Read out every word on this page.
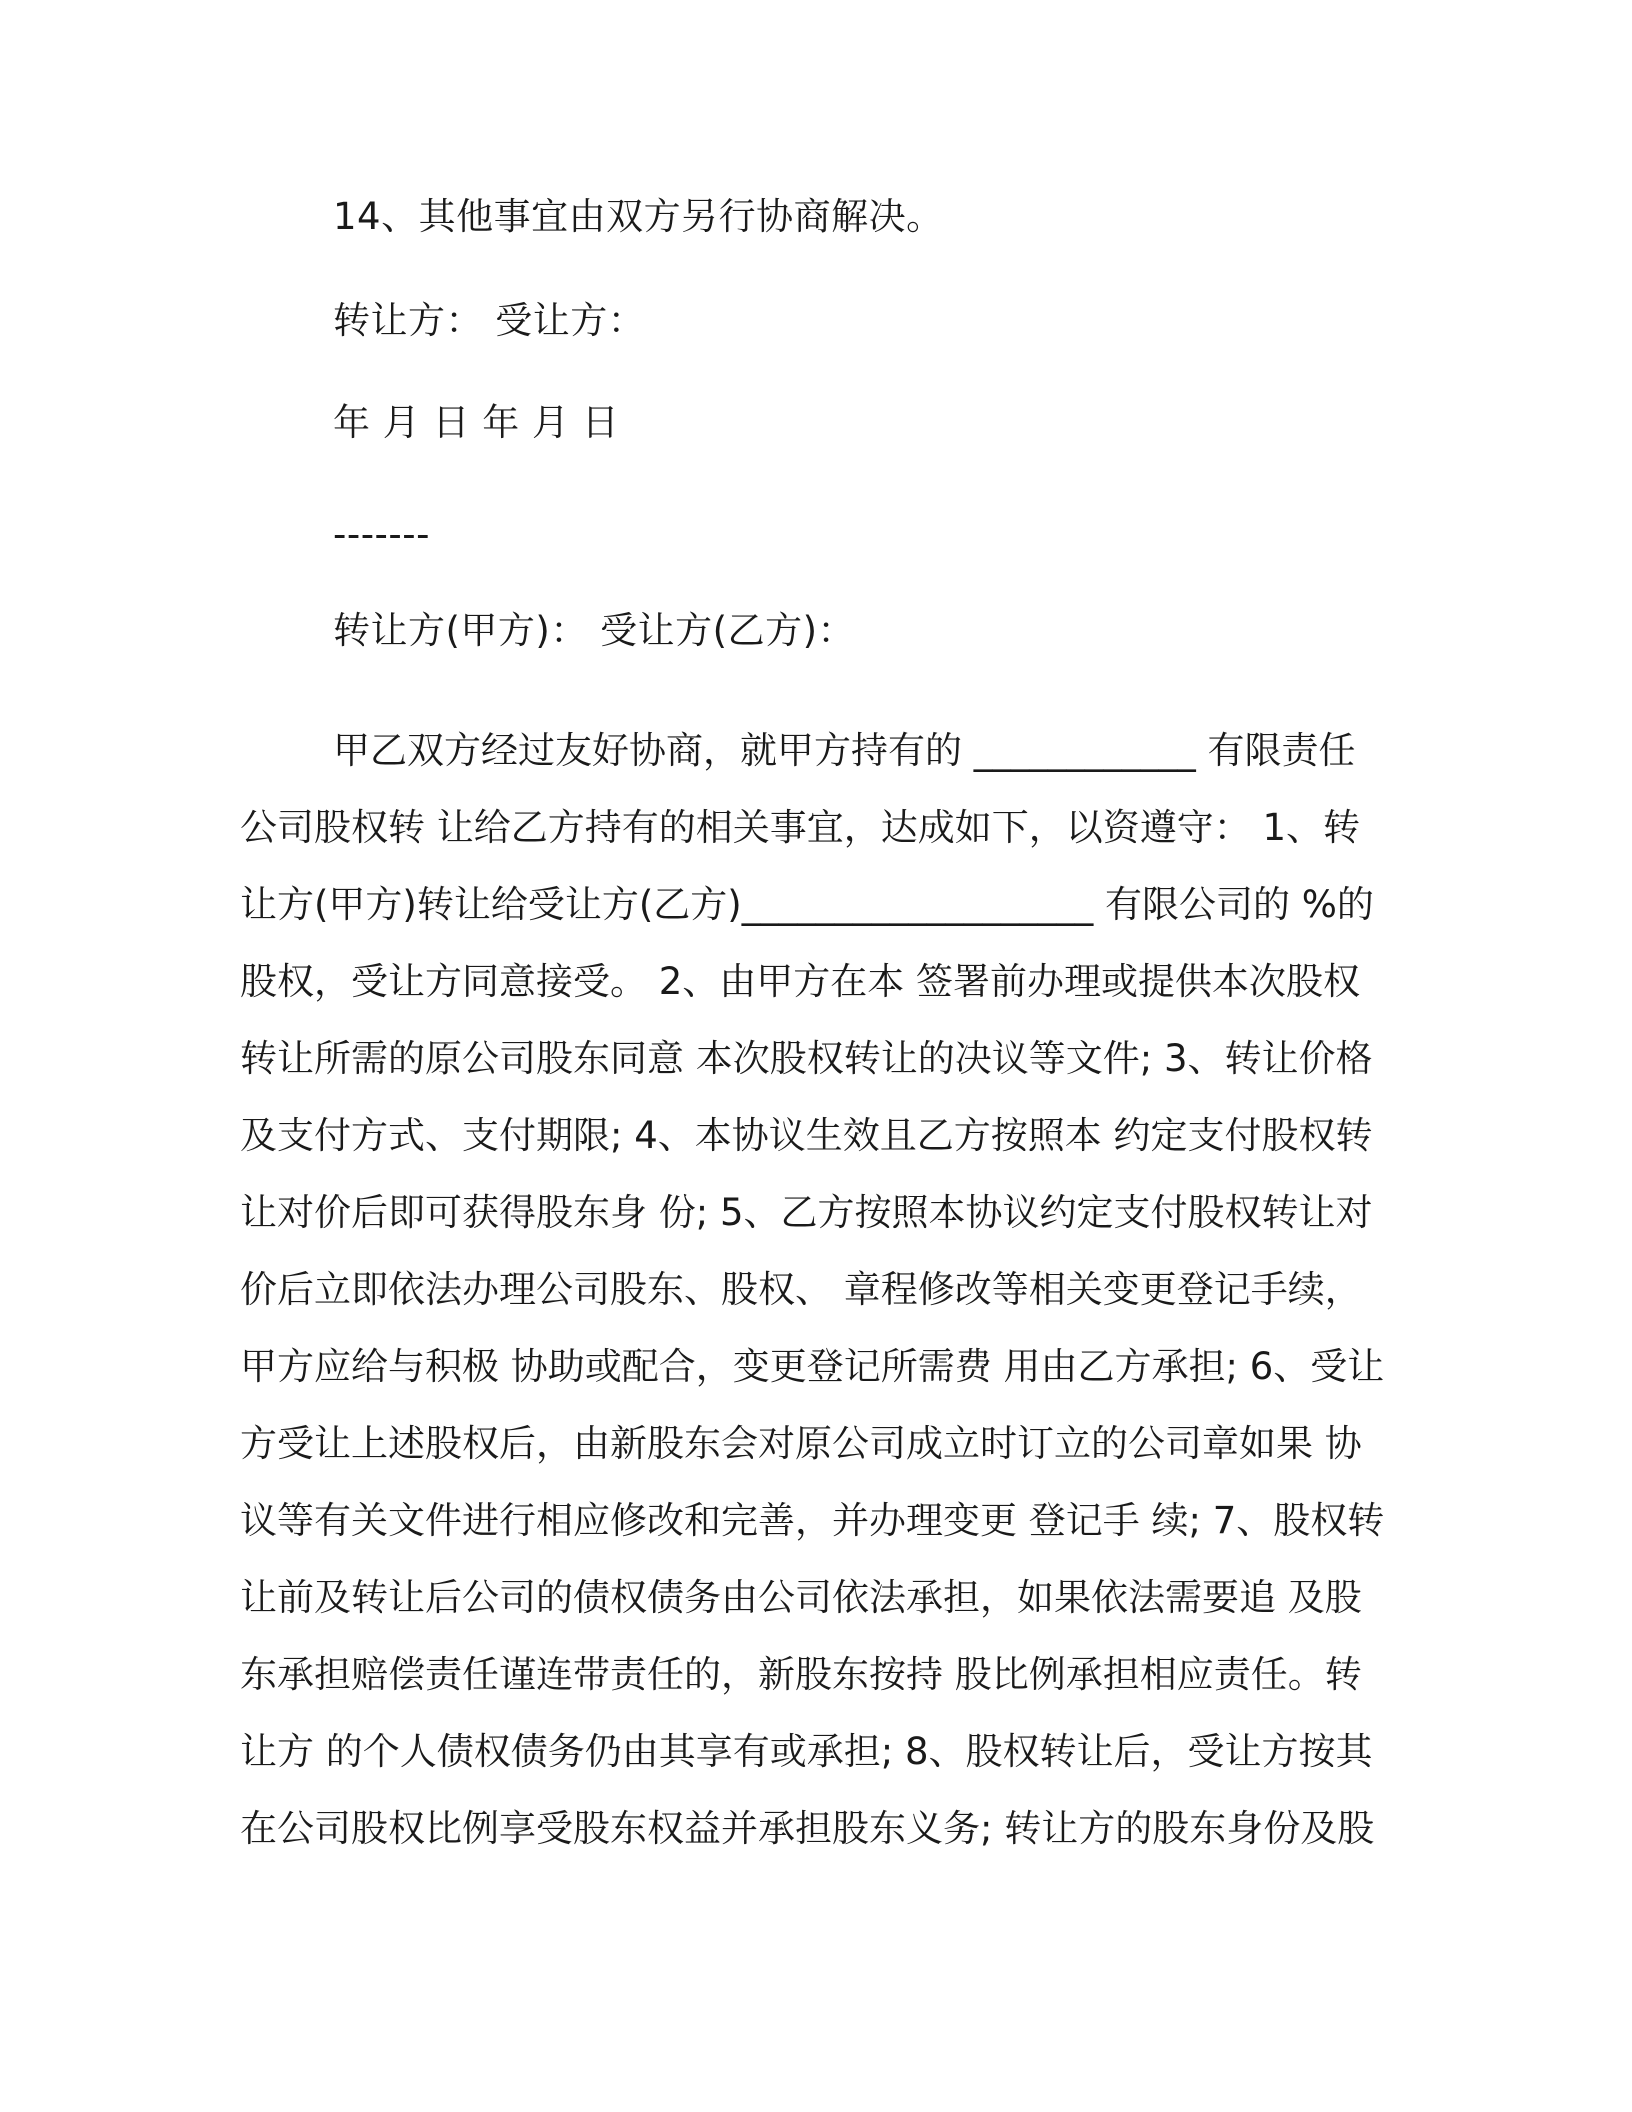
14、其他事宜由双方另行协商解决。
转让方： 受让方：
年 月 日 年 月 日
-------
转让方(甲方)： 受让方(乙方)：
甲乙双方经过友好协商，就甲方持有的 ____________ 有限责任
公司股权转 让给乙方持有的相关事宜，达成如下，以资遵守： 1、转
让方(甲方)转让给受让方(乙方)___________________ 有限公司的 %的
股权，受让方同意接受。 2、由甲方在本 签署前办理或提供本次股权
转让所需的原公司股东同意 本次股权转让的决议等文件; 3、转让价格
及支付方式、支付期限; 4、本协议生效且乙方按照本 约定支付股权转
让对价后即可获得股东身 份; 5、乙方按照本协议约定支付股权转让对
价后立即依法办理公司股东、股权、 章程修改等相关变更登记手续，
甲方应给与积极 协助或配合，变更登记所需费 用由乙方承担; 6、受让
方受让上述股权后，由新股东会对原公司成立时订立的公司章如果 协
议等有关文件进行相应修改和完善，并办理变更 登记手 续; 7、股权转
让前及转让后公司的债权债务由公司依法承担，如果依法需要追 及股
东承担赔偿责任谨连带责任的，新股东按持 股比例承担相应责任。转
让方 的个人债权债务仍由其享有或承担; 8、股权转让后，受让方按其
在公司股权比例享受股东权益并承担股东义务; 转让方的股东身份及股
